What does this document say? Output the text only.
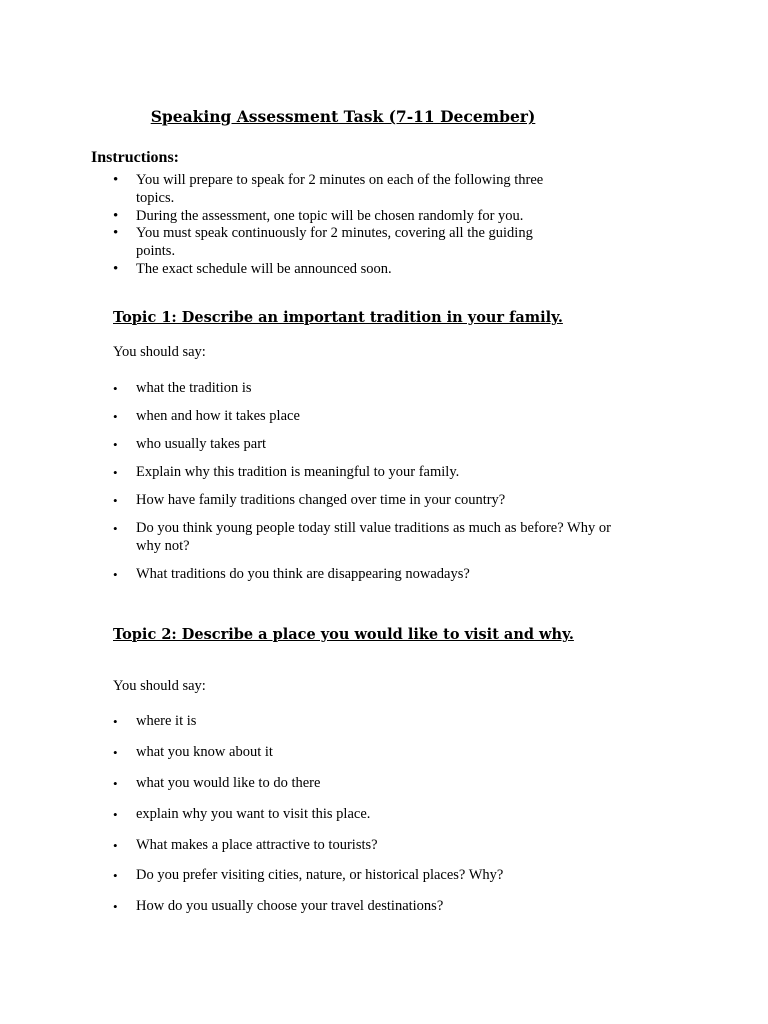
Speaking Assessment Task (7-11 December)
Instructions:
• You will prepare to speak for 2 minutes on each of the following three topics.
• During the assessment, one topic will be chosen randomly for you.
• You must speak continuously for 2 minutes, covering all the guiding points.
• The exact schedule will be announced soon.
Topic 1: Describe an important tradition in your family.
You should say:
• what the tradition is
• when and how it takes place
• who usually takes part
• Explain why this tradition is meaningful to your family.
• How have family traditions changed over time in your country?
• Do you think young people today still value traditions as much as before? Why or why not?
• What traditions do you think are disappearing nowadays?
Topic 2: Describe a place you would like to visit and why.
You should say:
• where it is
• what you know about it
• what you would like to do there
• explain why you want to visit this place.
• What makes a place attractive to tourists?
• Do you prefer visiting cities, nature, or historical places? Why?
• How do you usually choose your travel destinations?
